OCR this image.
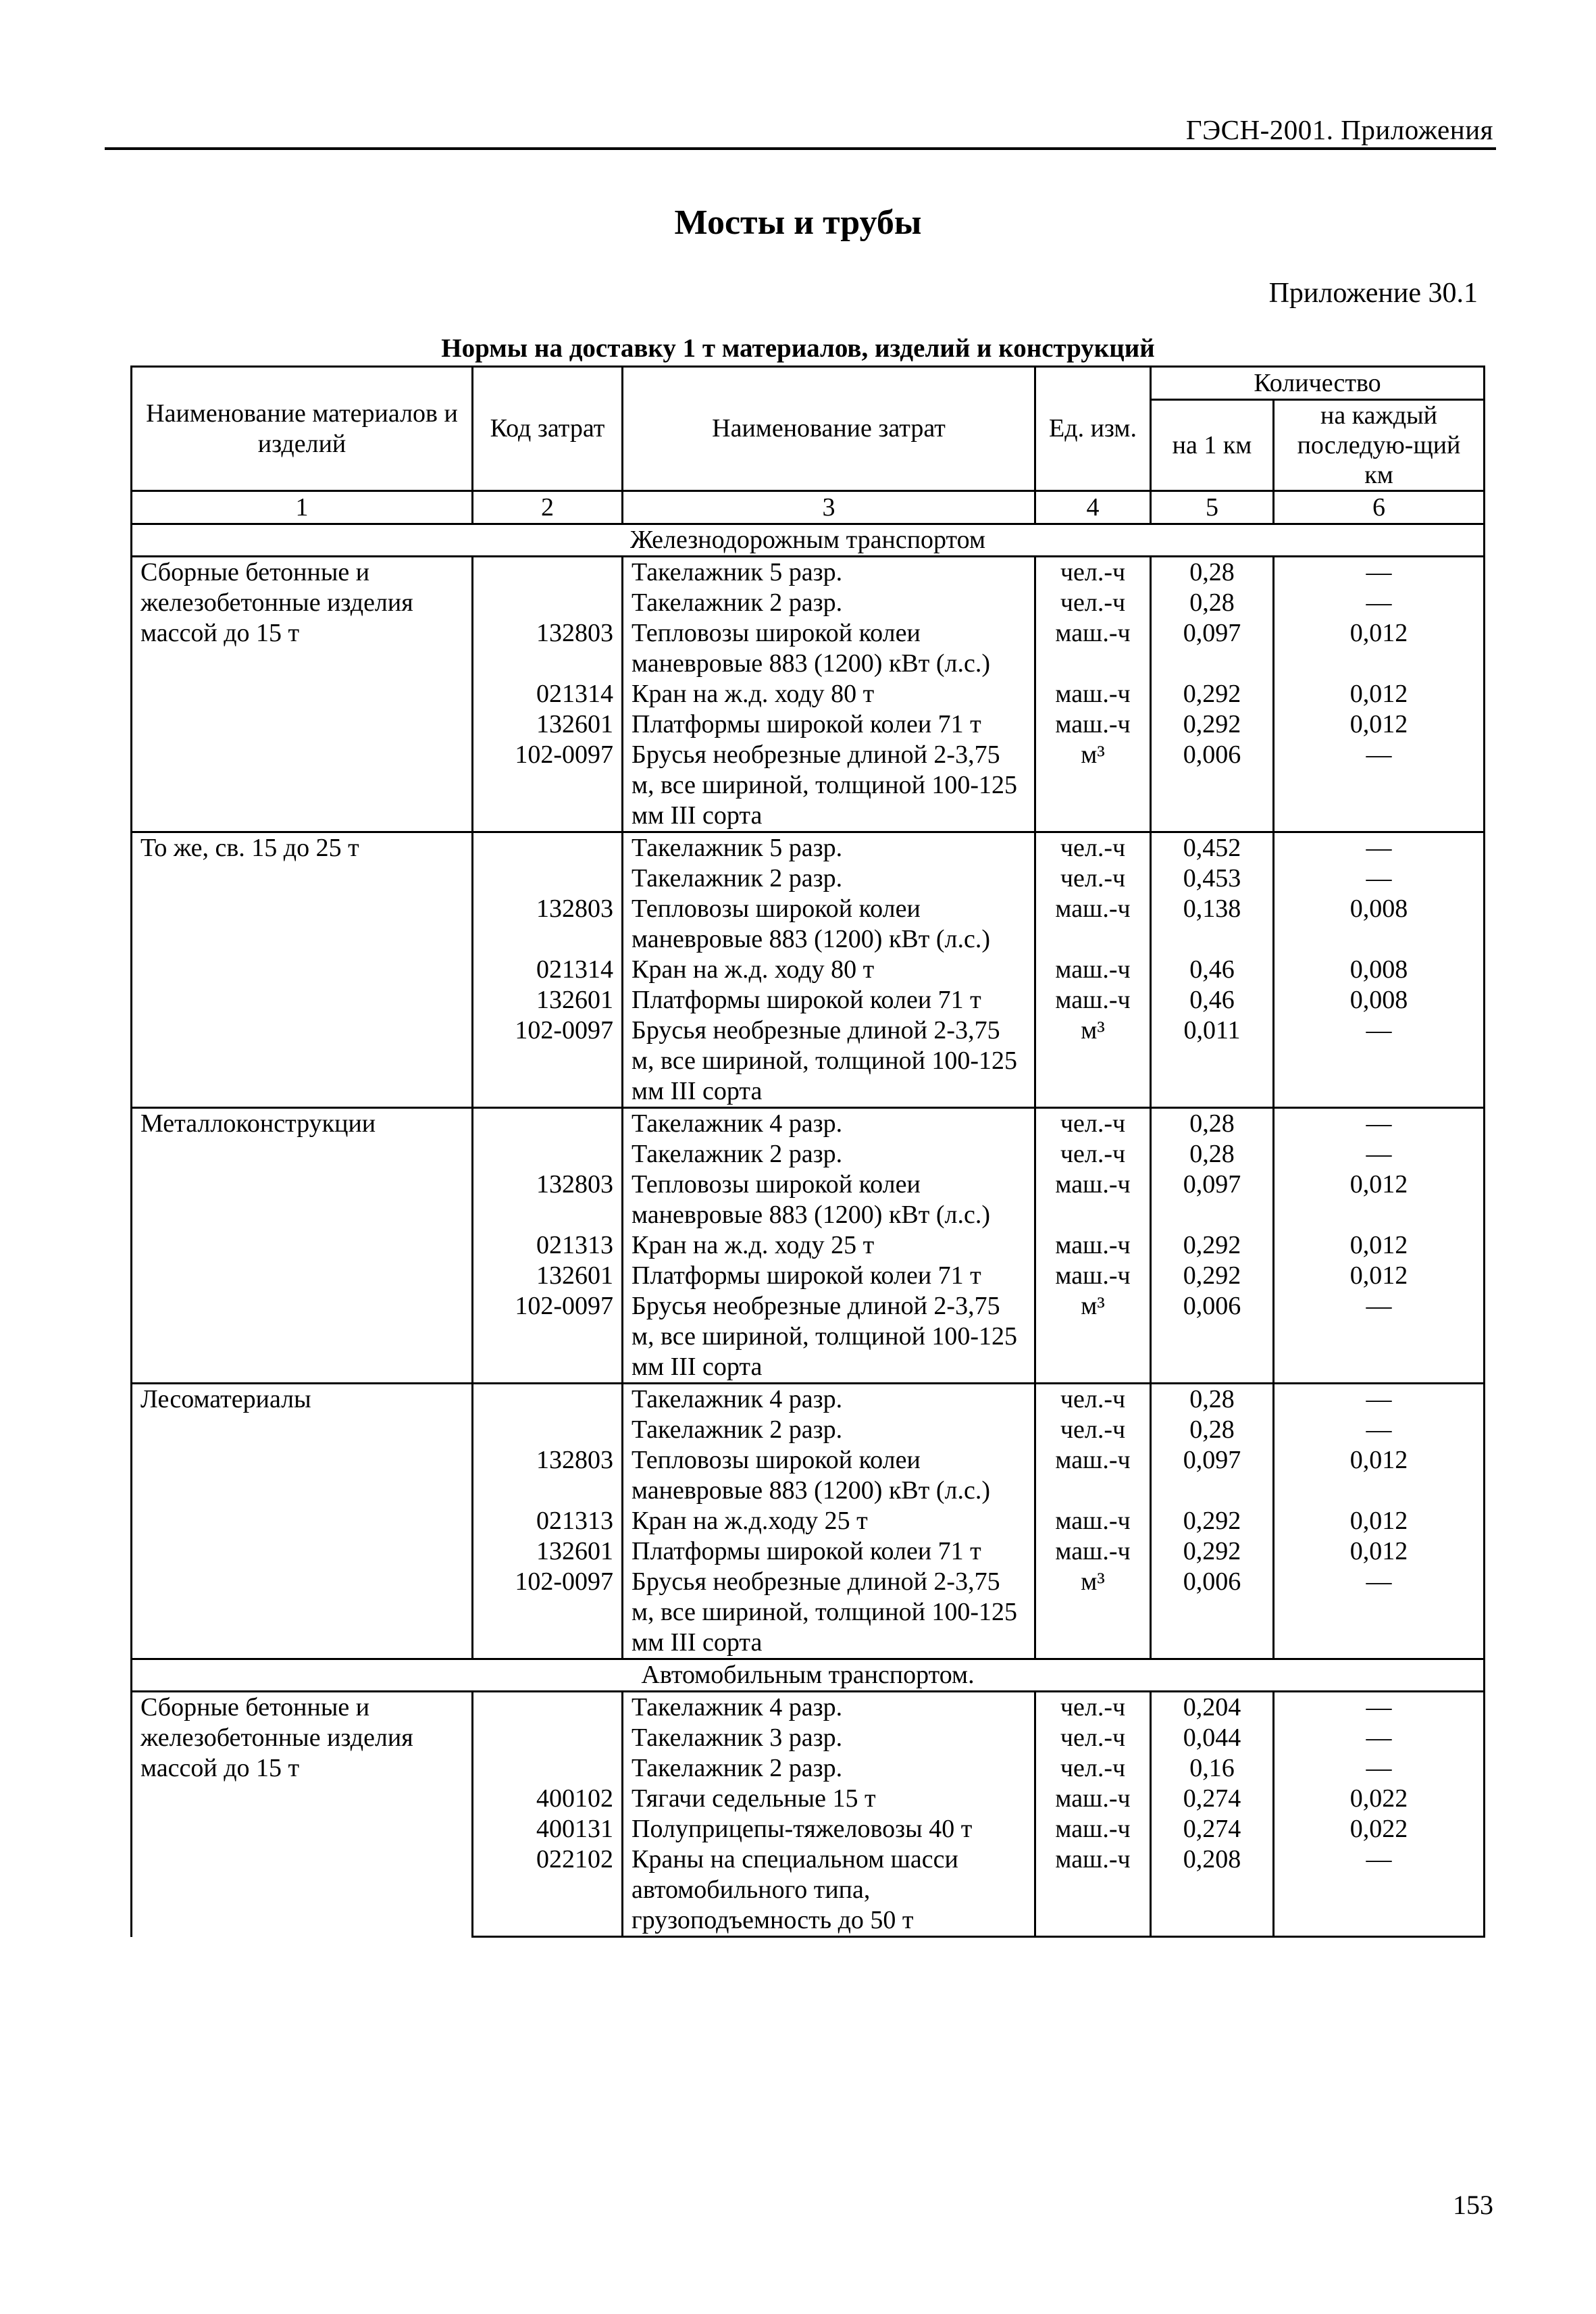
ГЭСН-2001. Приложения
Мосты и трубы
Приложение 30.1
Нормы на доставку 1 т материалов, изделий и конструкций
Наименование материалов и изделий	Код затрат	Наименование затрат	Ед. изм.	Количество	
				на 1 км	на каждый последую-щий км
1	2	3	4	5	6
Железнодорожным транспортом					
Сборные бетонные и железобетонные изделия массой до 15 т		Такелажник 5 разр.	чел.-ч	0,28	—
		Такелажник 2 разр.	чел.-ч	0,28	—
	132803	Тепловозы широкой колеи маневровые 883 (1200) кВт (л.с.)	маш.-ч	0,097	0,012
	021314	Кран на ж.д. ходу 80 т	маш.-ч	0,292	0,012
	132601	Платформы широкой колеи 71 т	маш.-ч	0,292	0,012
	102-0097	Брусья необрезные длиной 2-3,75 м, все шириной, толщиной 100-125 мм III сорта	м³	0,006	—
То же, св. 15 до 25 т		Такелажник 5 разр.	чел.-ч	0,452	—
		Такелажник 2 разр.	чел.-ч	0,453	—
	132803	Тепловозы широкой колеи маневровые 883 (1200) кВт (л.с.)	маш.-ч	0,138	0,008
	021314	Кран на ж.д. ходу 80 т	маш.-ч	0,46	0,008
	132601	Платформы широкой колеи 71 т	маш.-ч	0,46	0,008
	102-0097	Брусья необрезные длиной 2-3,75 м, все шириной, толщиной 100-125 мм III сорта	м³	0,011	—
Металлоконструкции		Такелажник 4 разр.	чел.-ч	0,28	—
		Такелажник 2 разр.	чел.-ч	0,28	—
	132803	Тепловозы широкой колеи маневровые 883 (1200) кВт (л.с.)	маш.-ч	0,097	0,012
	021313	Кран на ж.д. ходу 25 т	маш.-ч	0,292	0,012
	132601	Платформы широкой колеи 71 т	маш.-ч	0,292	0,012
	102-0097	Брусья необрезные длиной 2-3,75 м, все шириной, толщиной 100-125 мм III сорта	м³	0,006	—
Лесоматериалы		Такелажник 4 разр.	чел.-ч	0,28	—
		Такелажник 2 разр.	чел.-ч	0,28	—
	132803	Тепловозы широкой колеи маневровые 883 (1200) кВт (л.с.)	маш.-ч	0,097	0,012
	021313	Кран на ж.д.ходу 25 т	маш.-ч	0,292	0,012
	132601	Платформы широкой колеи 71 т	маш.-ч	0,292	0,012
	102-0097	Брусья необрезные длиной 2-3,75 м, все шириной, толщиной 100-125 мм III сорта	м³	0,006	—
Автомобильным транспортом.					
Сборные бетонные и железобетонные изделия массой до 15 т		Такелажник 4 разр.	чел.-ч	0,204	—
		Такелажник 3 разр.	чел.-ч	0,044	—
		Такелажник 2 разр.	чел.-ч	0,16	—
	400102	Тягачи седельные 15 т	маш.-ч	0,274	0,022
	400131	Полуприцепы-тяжеловозы 40 т	маш.-ч	0,274	0,022
	022102	Краны на специальном шасси автомобильного типа, грузоподъемность до 50 т	маш.-ч	0,208	—
153
